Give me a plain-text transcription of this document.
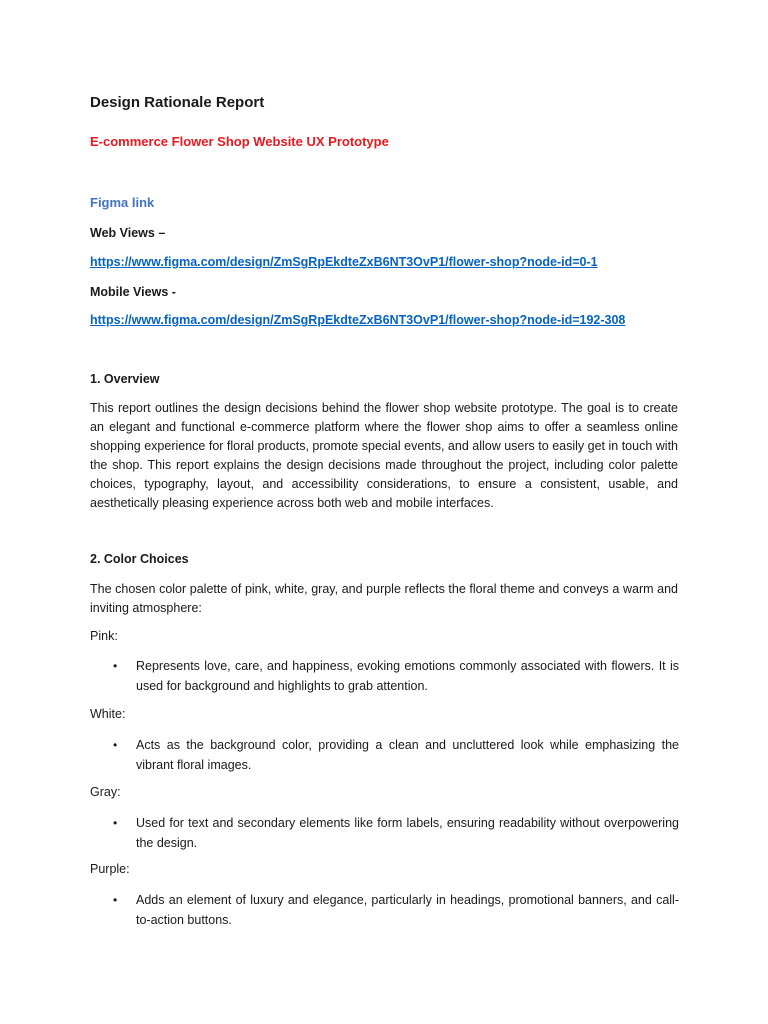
Design Rationale Report
E-commerce Flower Shop Website UX Prototype
Figma link
Web Views –
https://www.figma.com/design/ZmSgRpEkdteZxB6NT3OvP1/flower-shop?node-id=0-1
Mobile Views -
https://www.figma.com/design/ZmSgRpEkdteZxB6NT3OvP1/flower-shop?node-id=192-308
1. Overview

This report outlines the design decisions behind the flower shop website prototype. The goal is to create an elegant and functional e-commerce platform where the flower shop aims to offer a seamless online shopping experience for floral products, promote special events, and allow users to easily get in touch with the shop. This report explains the design decisions made throughout the project, including color palette choices, typography, layout, and accessibility considerations, to ensure a consistent, usable, and aesthetically pleasing experience across both web and mobile interfaces.

2. Color Choices

The chosen color palette of pink, white, gray, and purple reflects the floral theme and conveys a warm and inviting atmosphere:

Pink:
• Represents love, care, and happiness, evoking emotions commonly associated with flowers. It is used for background and highlights to grab attention.
White:
• Acts as the background color, providing a clean and uncluttered look while emphasizing the vibrant floral images.
Gray:
• Used for text and secondary elements like form labels, ensuring readability without overpowering the design.
Purple:
• Adds an element of luxury and elegance, particularly in headings, promotional banners, and call-to-action buttons.
